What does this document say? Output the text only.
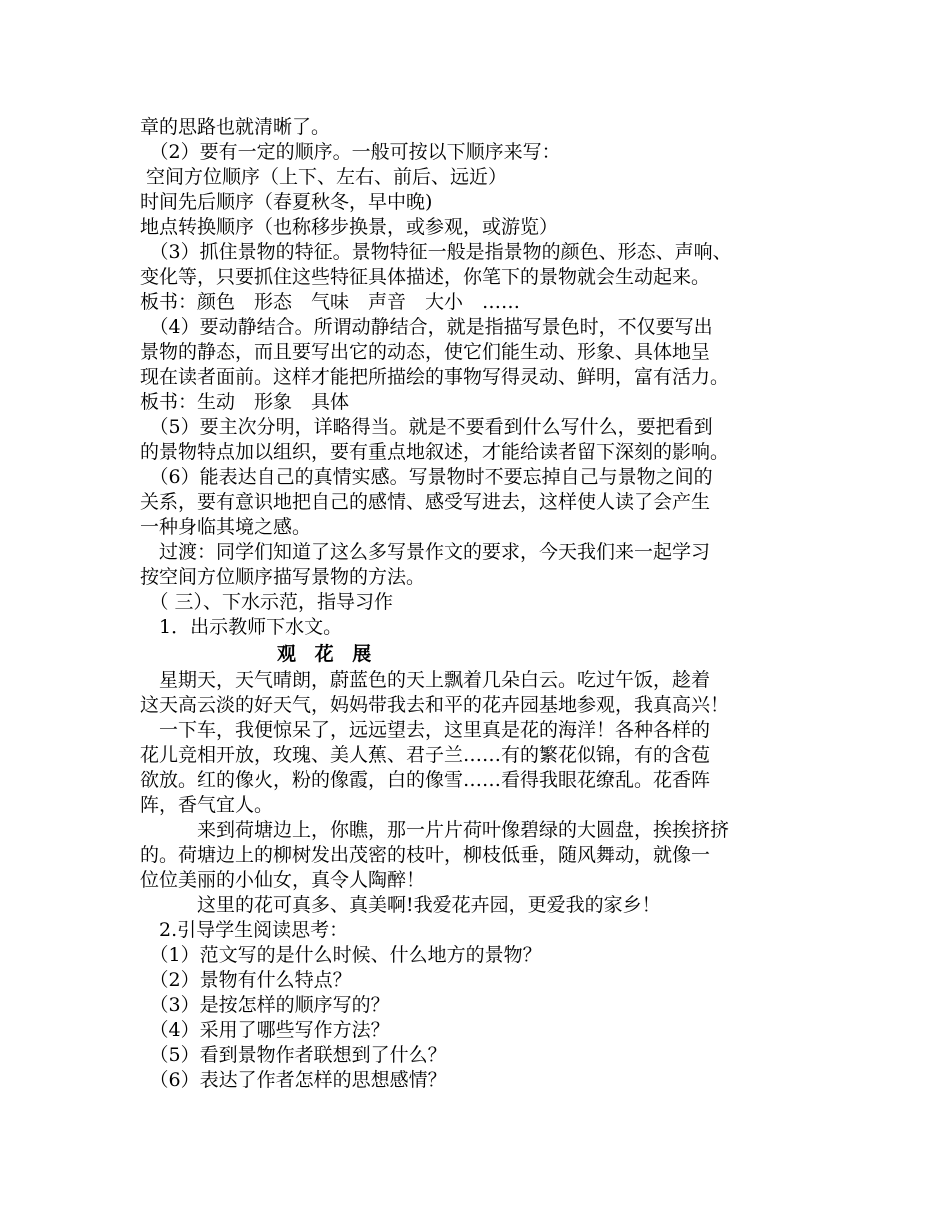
章的思路也就清晰了。
　（2）要有一定的顺序。一般可按以下顺序来写：
空间方位顺序（上下、左右、前后、远近）
时间先后顺序（春夏秋冬，早中晚)
地点转换顺序（也称移步换景，或参观，或游览）
　（3）抓住景物的特征。景物特征一般是指景物的颜色、形态、声响、
变化等，只要抓住这些特征具体描述，你笔下的景物就会生动起来。
板书：颜色　形态　气味　声音　大小　……
　（4）要动静结合。所谓动静结合，就是指描写景色时，不仅要写出
景物的静态，而且要写出它的动态，使它们能生动、形象、具体地呈
现在读者面前。这样才能把所描绘的事物写得灵动、鲜明，富有活力。
板书：生动　形象　具体
　（5）要主次分明，详略得当。就是不要看到什么写什么，要把看到
的景物特点加以组织，要有重点地叙述，才能给读者留下深刻的影响。
　（6）能表达自己的真情实感。写景物时不要忘掉自己与景物之间的
关系，要有意识地把自己的感情、感受写进去，这样使人读了会产生
一种身临其境之感。
　过渡：同学们知道了这么多写景作文的要求，今天我们来一起学习
按空间方位顺序描写景物的方法。
　（ 三）、下水示范，指导习作
　1．出示教师下水文。
观 花 展
　星期天，天气晴朗，蔚蓝色的天上飘着几朵白云。吃过午饭，趁着
这天高云淡的好天气，妈妈带我去和平的花卉园基地参观，我真高兴！
　一下车，我便惊呆了，远远望去，这里真是花的海洋！各种各样的
花儿竞相开放，玫瑰、美人蕉、君子兰……有的繁花似锦，有的含苞
欲放。红的像火，粉的像霞，白的像雪……看得我眼花缭乱。花香阵
阵，香气宜人。
　　　来到荷塘边上，你瞧，那一片片荷叶像碧绿的大圆盘，挨挨挤挤
的。荷塘边上的柳树发出茂密的枝叶，柳枝低垂，随风舞动，就像一
位位美丽的小仙女，真令人陶醉！
　　　这里的花可真多、真美啊!我爱花卉园，更爱我的家乡！
　2.引导学生阅读思考：
　（1）范文写的是什么时候、什么地方的景物？
　（2）景物有什么特点？
　（3）是按怎样的顺序写的？
　（4）采用了哪些写作方法？
　（5）看到景物作者联想到了什么？
　（6）表达了作者怎样的思想感情？
